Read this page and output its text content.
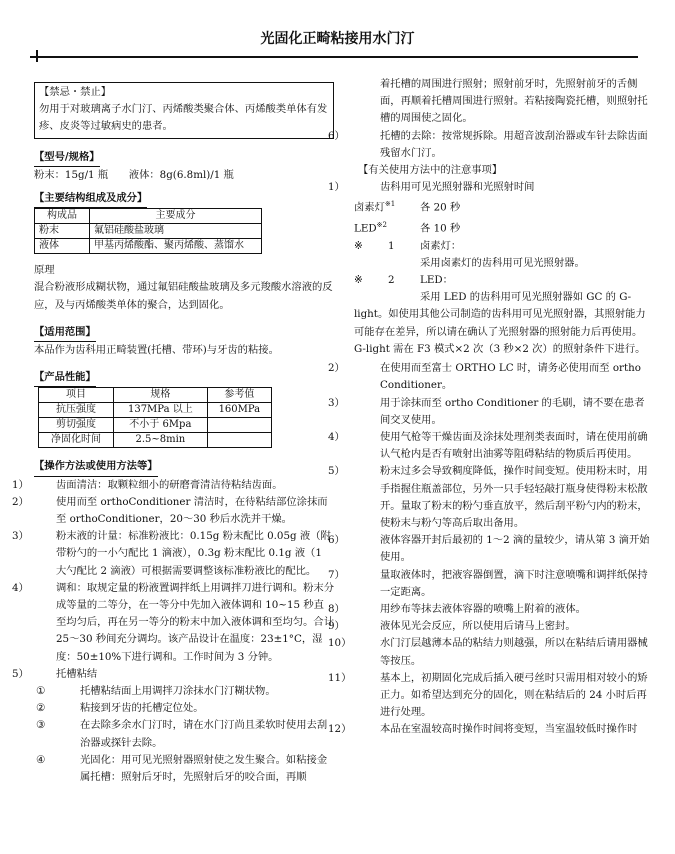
光固化正畸粘接用水门汀
【禁忌・禁止】
勿用于对玻璃离子水门汀、丙烯酸类聚合体、丙烯酸类单体有发疹、皮炎等过敏病史的患者。
【型号/规格】
粉末：15g/1 瓶　　液体：8g(6.8ml)/1 瓶
【主要结构组成及成分】
构成品	主要成分
粉末	氟铝硅酸盐玻璃
液体	甲基丙烯酸酯、聚丙烯酸、蒸馏水
原理
混合粉液形成糊状物，通过氟铝硅酸盐玻璃及多元羧酸水溶液的反应，及与丙烯酸类单体的聚合，达到固化。
【适用范围】
本品作为齿科用正畸装置(托槽、带环)与牙齿的粘接。
【产品性能】
项目	规格	参考值
抗压强度	137MPa 以上	160MPa
剪切强度	不小于 6Mpa	
净固化时间	2.5~8min	
【操作方法或使用方法等】
1）	齿面清洁：取颗粒细小的研磨膏清洁待粘结齿面。
2）	使用而至 orthoConditioner 清洁时，在待粘结部位涂抹而至 orthoConditioner，20～30 秒后水洗并干燥。
3）	粉末液的计量：标准粉液比：0.15g 粉末配比 0.05g 液（附带粉勺的一小勺配比 1 滴液），0.3g 粉末配比 0.1g 液（1 大勺配比 2 滴液）可根据需要调整该标准粉液比的配比。
4）	调和：取规定量的粉液置调拌纸上用调拌刀进行调和。粉末分成等量的二等分，在一等分中先加入液体调和 10~15 秒直至均匀后，再在另一等分的粉末中加入液体调和至均匀。合计 25～30 秒间充分调均。该产品设计在温度：23±1°C，湿度：50±10%下进行调和。工作时间为 3 分钟。
5）	托槽粘结
①	托槽粘结面上用调拌刀涂抹水门汀糊状物。
②	粘接到牙齿的托槽定位处。
③	在去除多余水门汀时，请在水门汀尚且柔软时使用去刮治器或探针去除。
④	光固化：用可见光照射器照射使之发生聚合。如粘接金属托槽：照射后牙时，先照射后牙的咬合面，再顺
着托槽的周围进行照射；照射前牙时，先照射前牙的舌侧面，再顺着托槽周围进行照射。若粘接陶瓷托槽，则照射托槽的周围使之固化。
6）	托槽的去除：按常规拆除。用超音波刮治器或车针去除齿面残留水门汀。
【有关使用方法中的注意事项】
1）	齿科用可见光照射器和光照射时间
卤素灯$^{※1}$ 各 20 秒
LED$^{※2}$	各 10 秒
※ 1 卤素灯：
采用卤素灯的齿科用可见光照射器。
※ 2 LED：
采用 LED 的齿科用可见光照射器如 GC 的 G-light。如使用其他公司制造的齿科用可见光照射器，其照射能力可能存在差异，所以请在确认了光照射器的照射能力后再使用。G-light 需在 F3 模式×2 次（3 秒×2 次）的照射条件下进行。
2）	在使用而至富士 ORTHO LC 时，请务必使用而至 ortho Conditioner。
3）	用于涂抹而至 ortho Conditioner 的毛刷，请不要在患者间交叉使用。
4）	使用气枪等干燥齿面及涂抹处理剂类表面时，请在使用前确认气枪内是否有喷射出油雾等阻碍粘结的物质后再使用。
5）	粉末过多会导致稠度降低，操作时间变短。使用粉末时，用手指握住瓶盖部位，另外一只手轻轻敲打瓶身使得粉末松散开。量取了粉末的粉勺垂直放平，然后刮平粉勺内的粉末，使粉末与粉勺等高后取出备用。
6）	液体容器开封后最初的 1～2 滴的量较少，请从第 3 滴开始使用。
7）	量取液体时，把液容器倒置，滴下时注意喷嘴和调拌纸保持一定距离。
8）	用纱布等抹去液体容器的喷嘴上附着的液体。
9）	液体见光会反应，所以使用后请马上密封。
10）	水门汀层越薄本品的粘结力则越强，所以在粘结后请用器械等按压。
11）	基本上，初期固化完成后插入硬弓丝时只需用相对较小的矫正力。如希望达到充分的固化，则在粘结后的 24 小时后再进行处理。
12）	本品在室温较高时操作时间将变短，当室温较低时操作时
